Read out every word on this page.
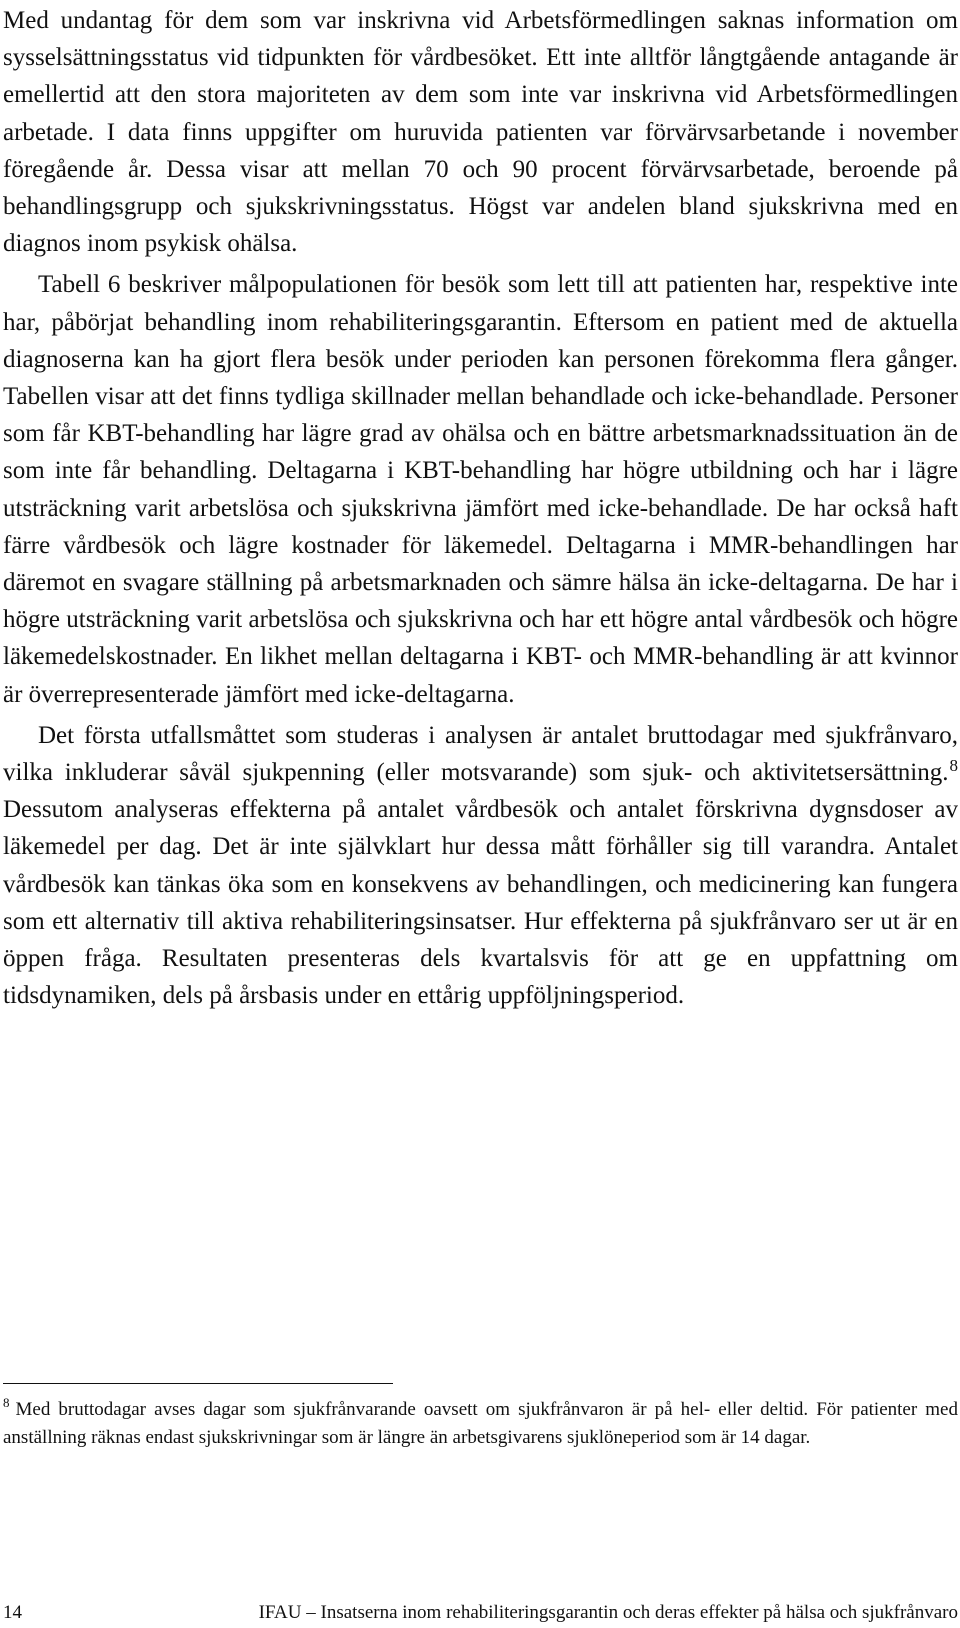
Med undantag för dem som var inskrivna vid Arbetsförmedlingen saknas information om sysselsättningsstatus vid tidpunkten för vårdbesöket. Ett inte alltför långtgående antagande är emellertid att den stora majoriteten av dem som inte var inskrivna vid Arbetsförmedlingen arbetade. I data finns uppgifter om huruvida patienten var förvärvsarbetande i november föregående år. Dessa visar att mellan 70 och 90 procent förvärvsarbetade, beroende på behandlingsgrupp och sjukskrivningsstatus. Högst var andelen bland sjukskrivna med en diagnos inom psykisk ohälsa.

Tabell 6 beskriver målpopulationen för besök som lett till att patienten har, respektive inte har, påbörjat behandling inom rehabiliteringsgarantin. Eftersom en patient med de aktuella diagnoserna kan ha gjort flera besök under perioden kan personen förekomma flera gånger. Tabellen visar att det finns tydliga skillnader mellan behandlade och icke-behandlade. Personer som får KBT-behandling har lägre grad av ohälsa och en bättre arbetsmarknadssituation än de som inte får behandling. Deltagarna i KBT-behandling har högre utbildning och har i lägre utsträckning varit arbetslösa och sjukskrivna jämfört med icke-behandlade. De har också haft färre vårdbesök och lägre kostnader för läkemedel. Deltagarna i MMR-behandlingen har däremot en svagare ställning på arbetsmarknaden och sämre hälsa än icke-deltagarna. De har i högre utsträckning varit arbetslösa och sjukskrivna och har ett högre antal vårdbesök och högre läkemedelskostnader. En likhet mellan deltagarna i KBT- och MMR-behandling är att kvinnor är överrepresenterade jämfört med icke-deltagarna.

Det första utfallsmåttet som studeras i analysen är antalet bruttodagar med sjukfrånvaro, vilka inkluderar såväl sjukpenning (eller motsvarande) som sjuk- och aktivitetsersättning.$^8$ Dessutom analyseras effekterna på antalet vårdbesök och antalet förskrivna dygnsdoser av läkemedel per dag. Det är inte självklart hur dessa mått förhåller sig till varandra. Antalet vårdbesök kan tänkas öka som en konsekvens av behandlingen, och medicinering kan fungera som ett alternativ till aktiva rehabiliteringsinsatser. Hur effekterna på sjukfrånvaro ser ut är en öppen fråga. Resultaten presenteras dels kvartalsvis för att ge en uppfattning om tidsdynamiken, dels på årsbasis under en ettårig uppföljningsperiod.

$^8$ Med bruttodagar avses dagar som sjukfrånvarande oavsett om sjukfrånvaron är på hel- eller deltid. För patienter med anställning räknas endast sjukskrivningar som är längre än arbetsgivarens sjuklöneperiod som är 14 dagar.

14	IFAU – Insatserna inom rehabiliteringsgarantin och deras effekter på hälsa och sjukfrånvaro
